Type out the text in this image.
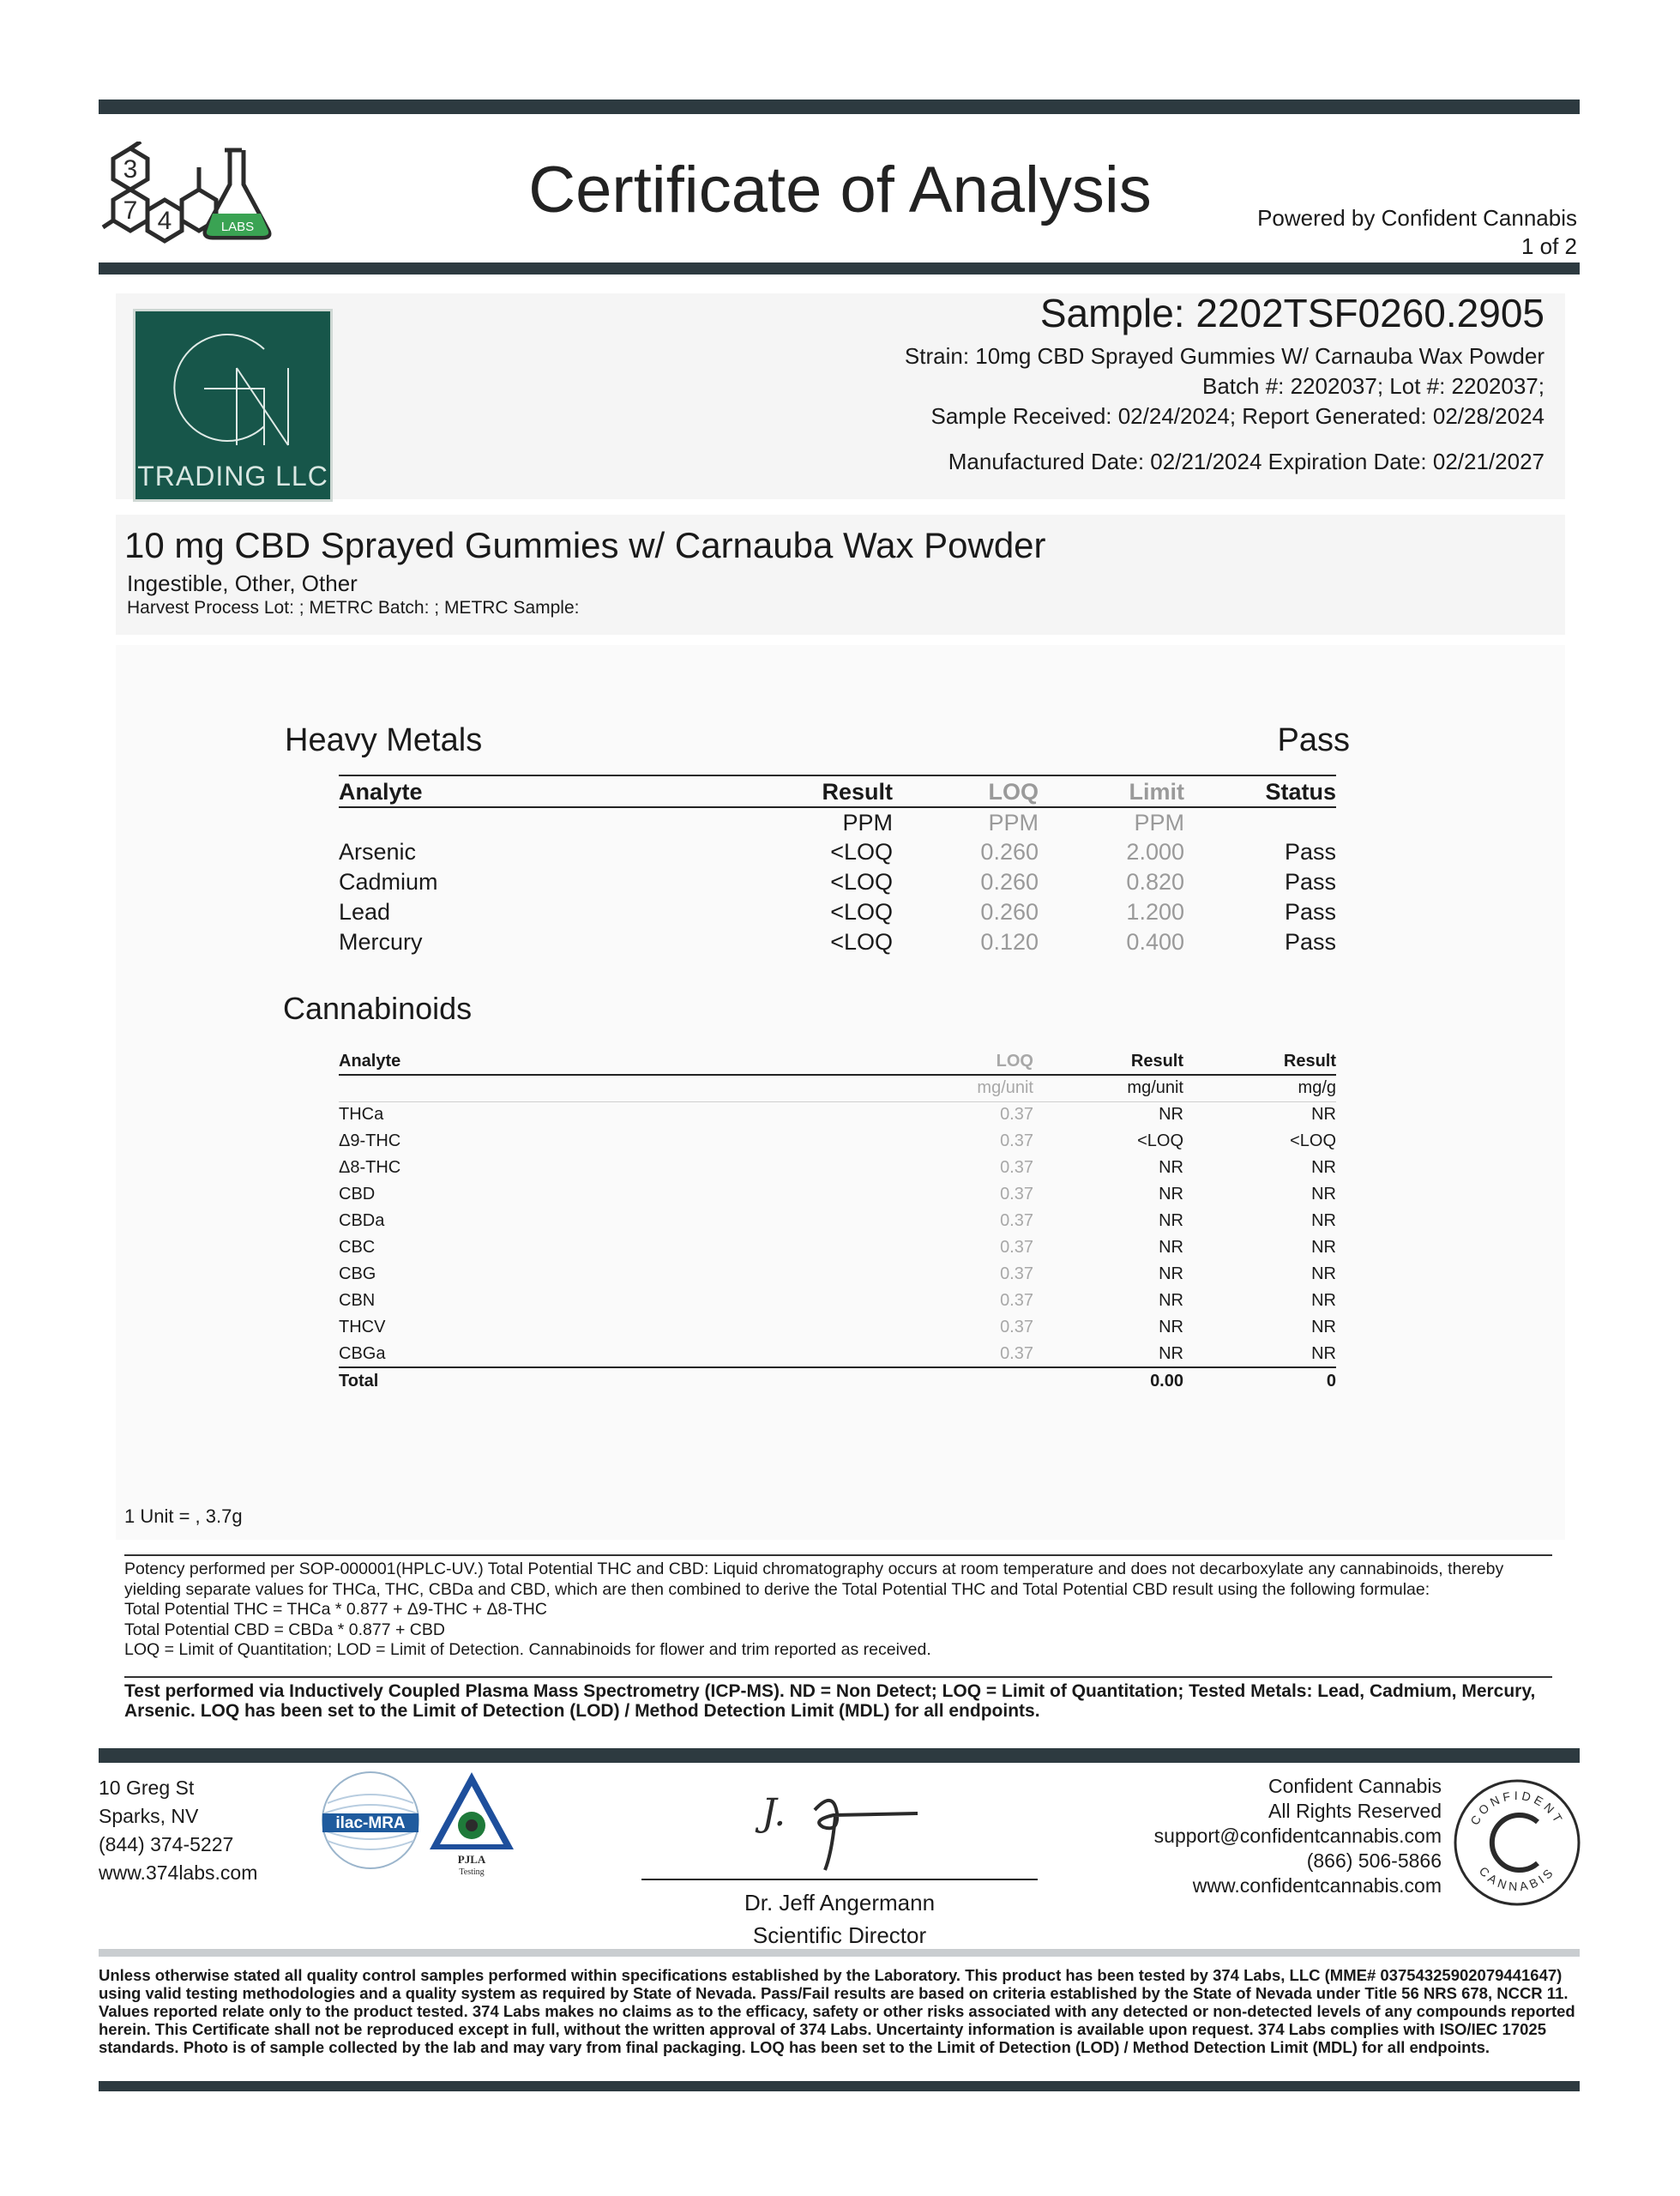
3
7 4	LABS
Certificate of Analysis	Powered by Confident Cannabis
1 of 2
TRADING LLC
Sample: 2202TSF0260.2905
Strain: 10mg CBD Sprayed Gummies W/ Carnauba Wax Powder
Batch #: 2202037; Lot #: 2202037;
Sample Received: 02/24/2024; Report Generated: 02/28/2024
Manufactured Date: 02/21/2024 Expiration Date: 02/21/2027
10 mg CBD Sprayed Gummies w/ Carnauba Wax Powder
Ingestible, Other, Other
Harvest Process Lot: ; METRC Batch: ; METRC Sample:
Heavy Metals	Pass
Analyte	Result	LOQ	Limit	Status
	PPM	PPM	PPM	
Arsenic	<LOQ	0.260	2.000	Pass
Cadmium	<LOQ	0.260	0.820	Pass
Lead	<LOQ	0.260	1.200	Pass
Mercury	<LOQ	0.120	0.400	Pass
Cannabinoids
Analyte	LOQ	Result	Result
	mg/unit	mg/unit	mg/g
THCa	0.37	NR	NR
Δ9-THC	0.37	<LOQ	<LOQ
Δ8-THC	0.37	NR	NR
CBD	0.37	NR	NR
CBDa	0.37	NR	NR
CBC	0.37	NR	NR
CBG	0.37	NR	NR
CBN	0.37	NR	NR
THCV	0.37	NR	NR
CBGa	0.37	NR	NR
Total		0.00	0
1 Unit = , 3.7g
Potency performed per SOP-000001(HPLC-UV.) Total Potential THC and CBD: Liquid chromatography occurs at room temperature and does not decarboxylate any cannabinoids, thereby yielding separate values for THCa, THC, CBDa and CBD, which are then combined to derive the Total Potential THC and Total Potential CBD result using the following formulae:
Total Potential THC = THCa * 0.877 + Δ9-THC + Δ8-THC
Total Potential CBD = CBDa * 0.877 + CBD
LOQ = Limit of Quantitation; LOD = Limit of Detection. Cannabinoids for flower and trim reported as received.
Test performed via Inductively Coupled Plasma Mass Spectrometry (ICP-MS). ND = Non Detect; LOQ = Limit of Quantitation; Tested Metals: Lead, Cadmium, Mercury, Arsenic. LOQ has been set to the Limit of Detection (LOD) / Method Detection Limit (MDL) for all endpoints.
10 Greg St
Sparks, NV
(844) 374-5227
www.374labs.com
ilac-MRA
PJLA
Testing
J.
Dr. Jeff Angermann
Scientific Director
Confident Cannabis
All Rights Reserved
support@confidentcannabis.com
(866) 506-5866
www.confidentcannabis.com
CONFIDENT
CANNABIS
Unless otherwise stated all quality control samples performed within specifications established by the Laboratory. This product has been tested by 374 Labs, LLC (MME# 03754325902079441647) using valid testing methodologies and a quality system as required by State of Nevada. Pass/Fail results are based on criteria established by the State of Nevada under Title 56 NRS 678, NCCR 11. Values reported relate only to the product tested. 374 Labs makes no claims as to the efficacy, safety or other risks associated with any detected or non-detected levels of any compounds reported herein. This Certificate shall not be reproduced except in full, without the written approval of 374 Labs. Uncertainty information is available upon request. 374 Labs complies with ISO/IEC 17025 standards. Photo is of sample collected by the lab and may vary from final packaging. LOQ has been set to the Limit of Detection (LOD) / Method Detection Limit (MDL) for all endpoints.
